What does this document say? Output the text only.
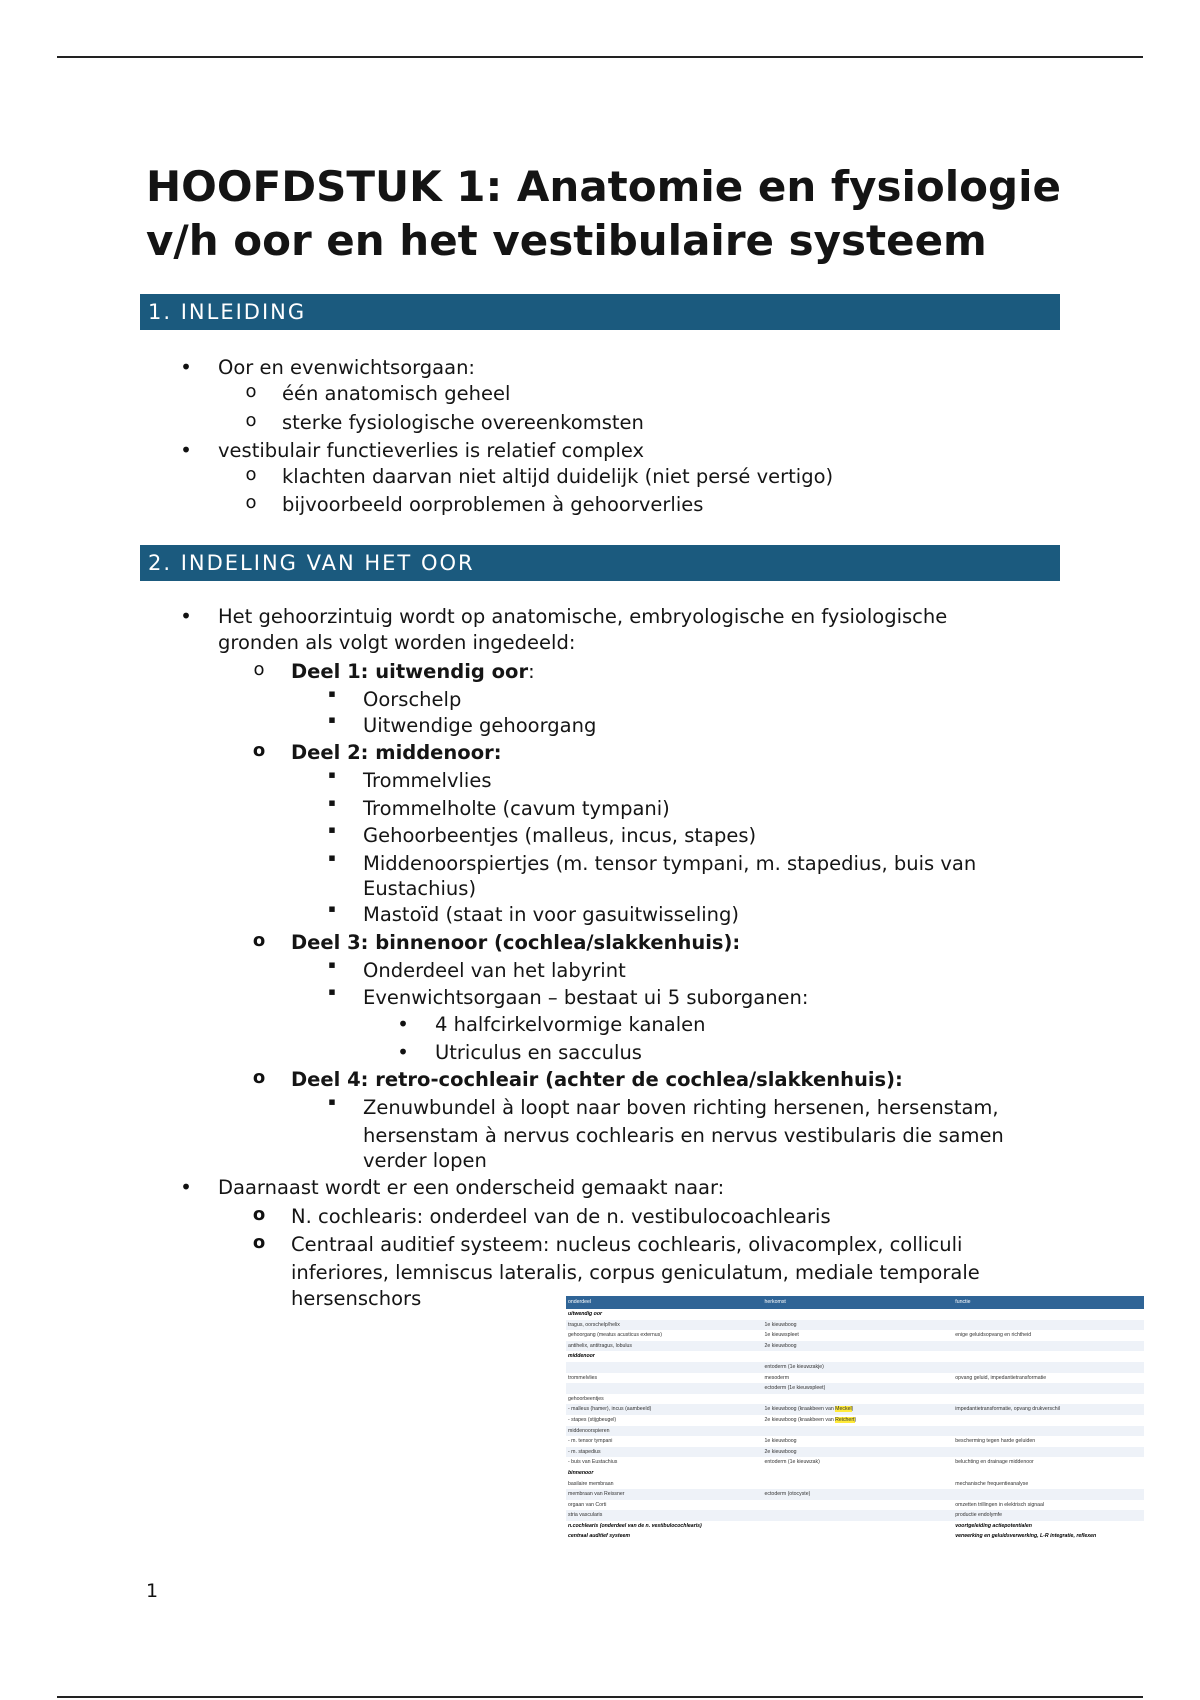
HOOFDSTUK 1: Anatomie en fysiologie
v/h oor en het vestibulaire systeem
1. INLEIDING
• Oor en evenwichtsorgaan:
o één anatomisch geheel
o sterke fysiologische overeenkomsten
• vestibulair functieverlies is relatief complex
o klachten daarvan niet altijd duidelijk (niet persé vertigo)
o bijvoorbeeld oorproblemen à gehoorverlies
2. INDELING VAN HET OOR
• Het gehoorzintuig wordt op anatomische, embryologische en fysiologische
gronden als volgt worden ingedeeld:
o Deel 1: uitwendig oor:
▪	Oorschelp
▪	Uitwendige gehoorgang
o Deel 2: middenoor:
▪	Trommelvlies
▪	Trommelholte (cavum tympani)
▪	Gehoorbeentjes (malleus, incus, stapes)
▪	Middenoorspiertjes (m. tensor tympani, m. stapedius, buis van
Eustachius)
▪	Mastoïd (staat in voor gasuitwisseling)
o Deel 3: binnenoor (cochlea/slakkenhuis):
▪	Onderdeel van het labyrint
▪	Evenwichtsorgaan – bestaat ui 5 suborganen:
• 4 halfcirkelvormige kanalen
• Utriculus en sacculus
o Deel 4: retro-cochleair (achter de cochlea/slakkenhuis):
▪	Zenuwbundel à loopt naar boven richting hersenen, hersenstam,
hersenstam à nervus cochlearis en nervus vestibularis die samen
verder lopen
• Daarnaast wordt er een onderscheid gemaakt naar:
o N. cochlearis: onderdeel van de n. vestibulocoachlearis
o Centraal auditief systeem: nucleus cochlearis, olivacomplex, colliculi
inferiores, lemniscus lateralis, corpus geniculatum, mediale temporale
hersenschors	onderdeel	herkomst	functie
uitwendig oor		
tragus, oorschelp/helix	1e kieuwboog	
gehoorgang (meatus acusticus externus)	1e kieuwspleet	enige geluidsopvang en richtheid
antihelix, antitragus, lobulus	2e kieuwboog	
middenoor		
	entoderm (1e kieuwzakje)	
trommelvlies	mesoderm	opvang geluid, impedantietransformatie
	ectoderm (1e kieuwspleet)	
gehoorbeentjes		
- malleus (hamer), incus (aambeeld)	1e kieuwboog (kraakbeen van Meckel)	impedantietransformatie, opvang drukverschil
- stapes (stijgbeugel)	2e kieuwboog (kraakbeen van Reichert)	
middenoorspieren		
- m. tensor tympani	1e kieuwboog	bescherming tegen harde geluiden
- m. stapedius	2e kieuwboog	
- buis van Eustachius	entoderm (1e kieuwzak)	beluchting en drainage middenoor
binnenoor		
basilaire membraan		mechanische frequentieanalyse
membraan van Reissner	ectoderm (otocyste)	
orgaan van Corti		omzetten trillingen in elektrisch signaal
stria vascularis		productie endolymfe
n.cochlearis (onderdeel van de n. vestibulocochlearis)		voortgeleiding actiepotentialen
centraal auditief systeem		verwerking en geluidsverwerking, L-R integratie, reflexen
1
